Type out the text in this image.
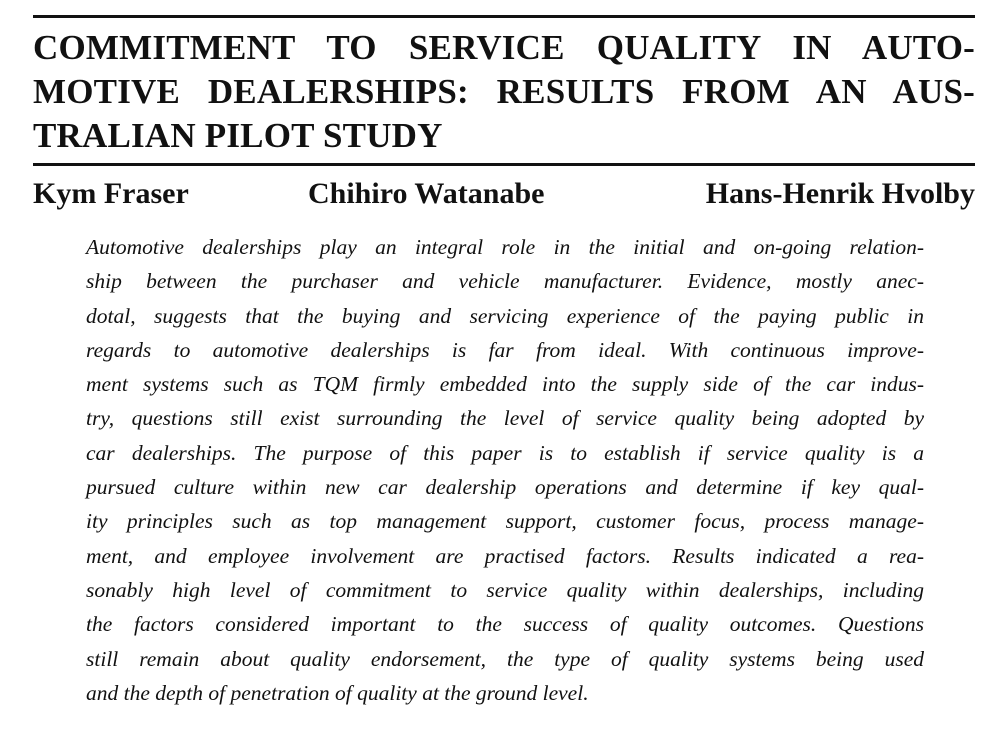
COMMITMENT TO SERVICE QUALITY IN AUTO-
MOTIVE DEALERSHIPS: RESULTS FROM AN AUS-
TRALIAN PILOT STUDY
Kym Fraser	Chihiro Watanabe	Hans-Henrik Hvolby
Automotive dealerships play an integral role in the initial and on-going relation-
ship between the purchaser and vehicle manufacturer. Evidence, mostly anec-
dotal, suggests that the buying and servicing experience of the paying public in
regards to automotive dealerships is far from ideal. With continuous improve-
ment systems such as TQM firmly embedded into the supply side of the car indus-
try, questions still exist surrounding the level of service quality being adopted by
car dealerships. The purpose of this paper is to establish if service quality is a
pursued culture within new car dealership operations and determine if key qual-
ity principles such as top management support, customer focus, process manage-
ment, and employee involvement are practised factors. Results indicated a rea-
sonably high level of commitment to service quality within dealerships, including
the factors considered important to the success of quality outcomes. Questions
still remain about quality endorsement, the type of quality systems being used
and the depth of penetration of quality at the ground level.
